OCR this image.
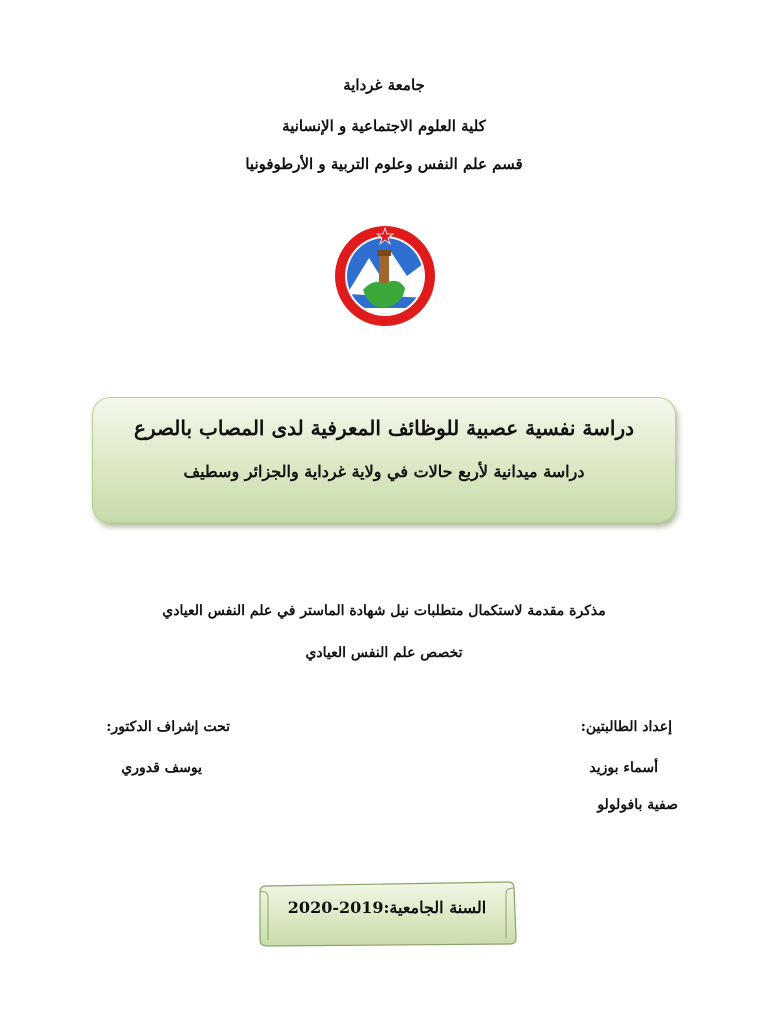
جامعة غرداية
كلية العلوم الاجتماعية و الإنسانية
قسم علم النفس وعلوم التربية و الأرطوفونيا
دراسة نفسية عصبية للوظائف المعرفية لدى المصاب بالصرع
دراسة ميدانية لأربع حالات في ولاية غرداية والجزائر وسطيف
مذكرة مقدمة لاستكمال متطلبات نيل شهادة الماستر في علم النفس العيادي
تخصص علم النفس العيادي
إعداد الطالبتين:
أسماء بوزيد
صفية بافولولو
تحت إشراف الدكتور:
يوسف قدوري
السنة الجامعية:2019-2020
